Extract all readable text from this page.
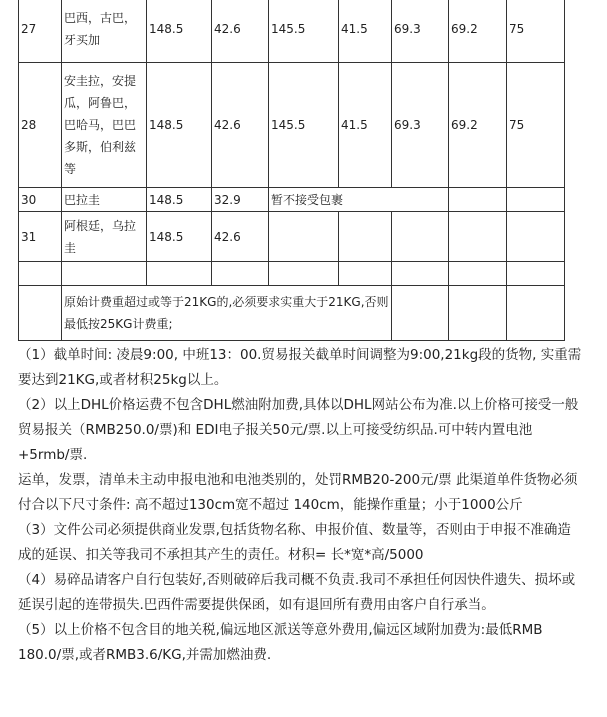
27	巴西，古巴，牙买加	148.5	42.6	145.5	41.5	69.3	69.2	75
28	安圭拉，安提瓜，阿鲁巴，巴哈马，巴巴多斯，伯利兹等	148.5	42.6	145.5	41.5	69.3	69.2	75
30	巴拉圭	148.5	32.9	暂不接受包裹				
31	阿根廷，乌拉圭	148.5	42.6					

	原始计费重超过或等于21KG的,必须要求实重大于21KG,否则最低按25KG计费重;							

（1）截单时间: 凌晨9:00, 中班13：00.贸易报关截单时间调整为9:00,21kg段的货物, 实重需要达到21KG,或者材积25kg以上。

（2）以上DHL价格运费不包含DHL燃油附加费,具体以DHL网站公布为准.以上价格可接受一般贸易报关（RMB250.0/票)和 EDI电子报关50元/票.以上可接受纺织品.可中转内置电池+5rmb/票.

运单，发票，清单未主动申报电池和电池类别的，处罚RMB20-200元/票 此渠道单件货物必须付合以下尺寸条件: 高不超过130cm宽不超过 140cm，能操作重量；小于1000公斤

（3）文件公司必须提供商业发票,包括货物名称、申报价值、数量等，否则由于申报不准确造成的延误、扣关等我司不承担其产生的责任。材积= 长*宽*高/5000

（4）易碎品请客户自行包装好,否则破碎后我司概不负责.我司不承担任何因快件遗失、损坏或延误引起的连带损失.巴西件需要提供保函，如有退回所有费用由客户自行承当。

（5）以上价格不包含目的地关税,偏远地区派送等意外费用,偏远区域附加费为:最低RMB 180.0/票,或者RMB3.6/KG,并需加燃油费.
